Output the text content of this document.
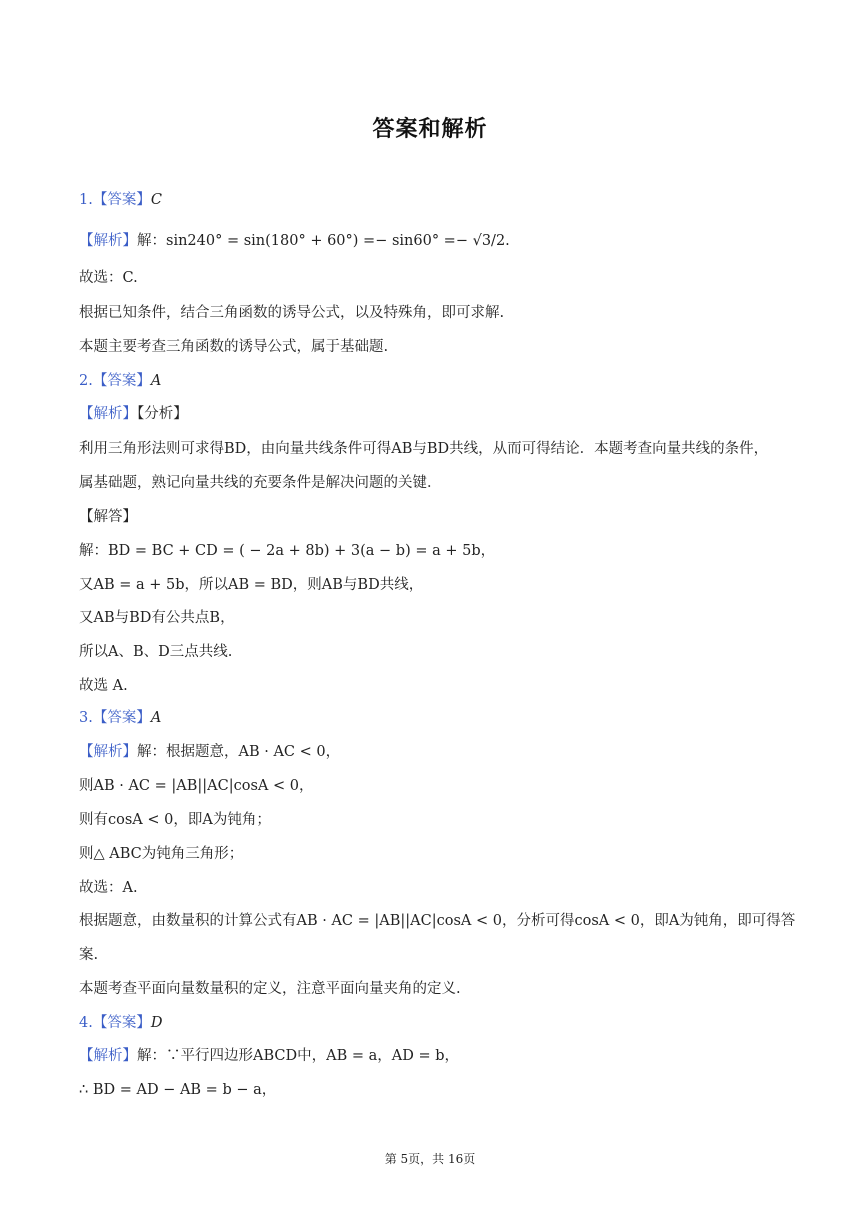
答案和解析
1.【答案】C
【解析】解：sin240° = sin(180° + 60°) =− sin60° =− √3/2.
故选：C.
根据已知条件，结合三角函数的诱导公式，以及特殊角，即可求解.
本题主要考查三角函数的诱导公式，属于基础题.
2.【答案】A
【解析】【分析】
利用三角形法则可求得BD，由向量共线条件可得AB与BD共线，从而可得结论．本题考查向量共线的条件，
属基础题，熟记向量共线的充要条件是解决问题的关键．
【解答】
解：BD = BC + CD = ( − 2a + 8b) + 3(a − b) = a + 5b，
又AB = a + 5b，所以AB = BD，则AB与BD共线，
又AB与BD有公共点B，
所以A、B、D三点共线.
故选 A.
3.【答案】A
【解析】解：根据题意，AB · AC < 0，
则AB · AC = |AB||AC|cosA < 0，
则有cosA < 0，即A为钝角；
则△ ABC为钝角三角形；
故选：A.
根据题意，由数量积的计算公式有AB · AC = |AB||AC|cosA < 0，分析可得cosA < 0，即A为钝角，即可得答
案.
本题考查平面向量数量积的定义，注意平面向量夹角的定义.
4.【答案】D
【解析】解：∵平行四边形ABCD中，AB = a，AD = b，
∴ BD = AD − AB = b − a，
第 5页，共 16页
